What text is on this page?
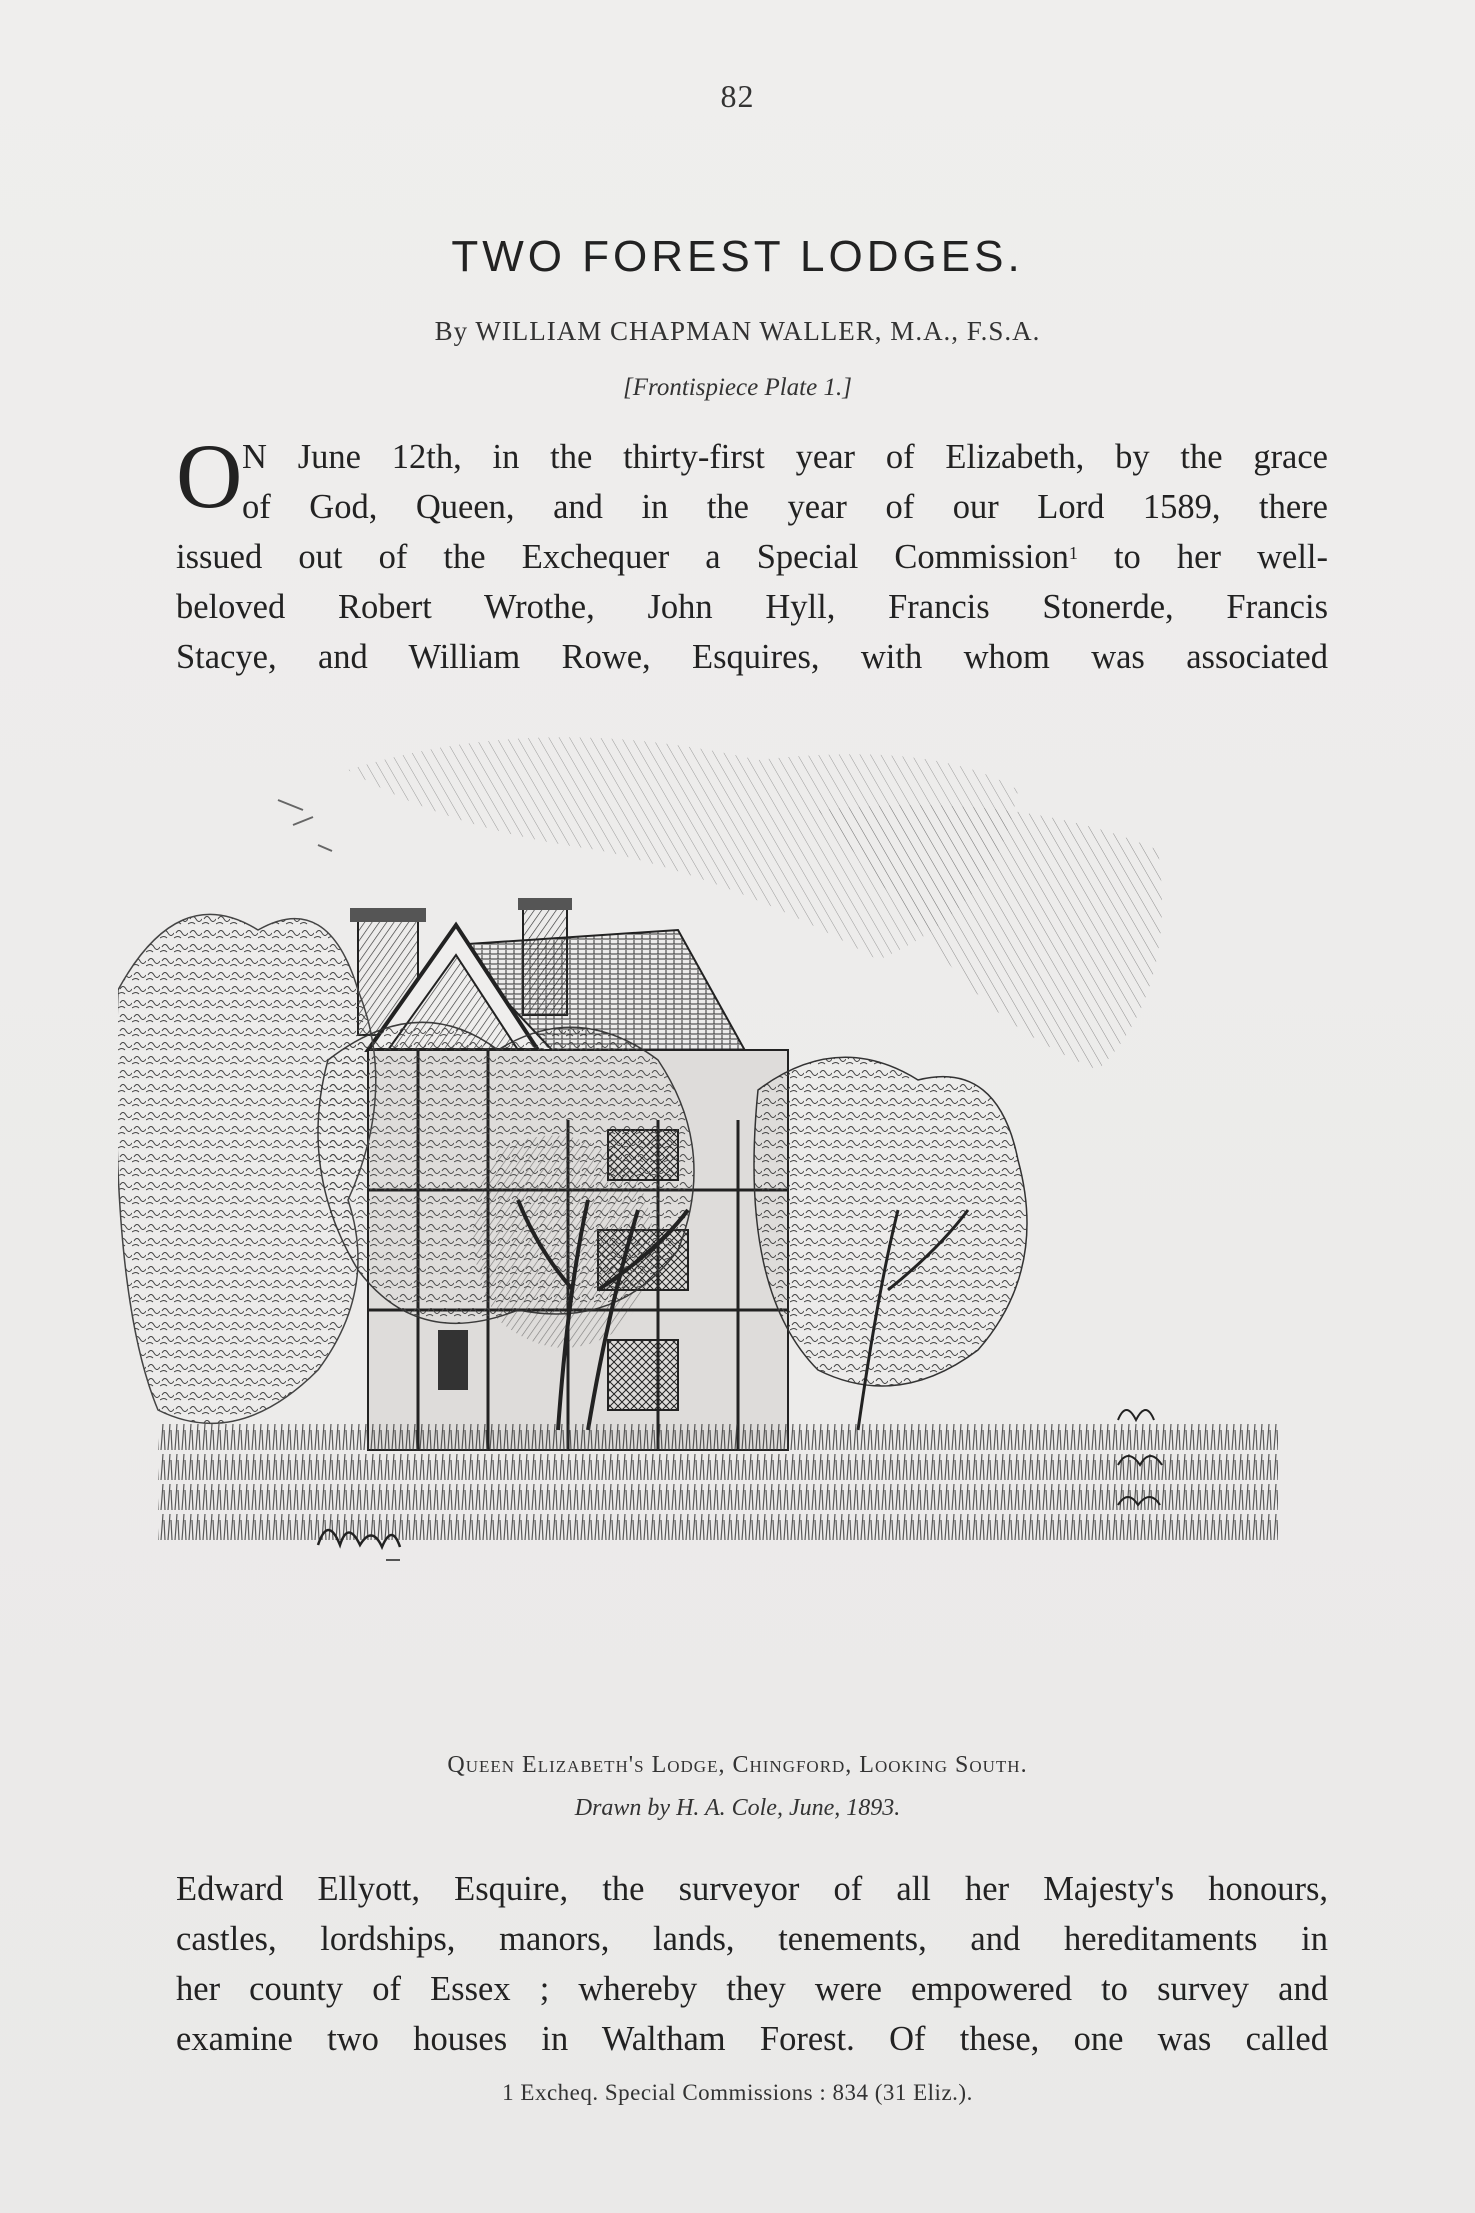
82
TWO FOREST LODGES.
By WILLIAM CHAPMAN WALLER, M.A., F.S.A.
[Frontispiece Plate 1.]
O N June 12th, in the thirty-first year of Elizabeth, by the grace
of God, Queen, and in the year of our Lord 1589, there
issued out of the Exchequer a Special Commission$^1$ to her well-
beloved Robert Wrothe, John Hyll, Francis Stonerde, Francis
Stacye, and William Rowe, Esquires, with whom was associated
Queen Elizabeth's Lodge, Chingford, Looking South.
Drawn by H. A. Cole, June, 1893.
Edward Ellyott, Esquire, the surveyor of all her Majesty's honours,
castles, lordships, manors, lands, tenements, and hereditaments in
her county of Essex ; whereby they were empowered to survey and
examine two houses in Waltham Forest. Of these, one was called
1 Excheq. Special Commissions : 834 (31 Eliz.).
